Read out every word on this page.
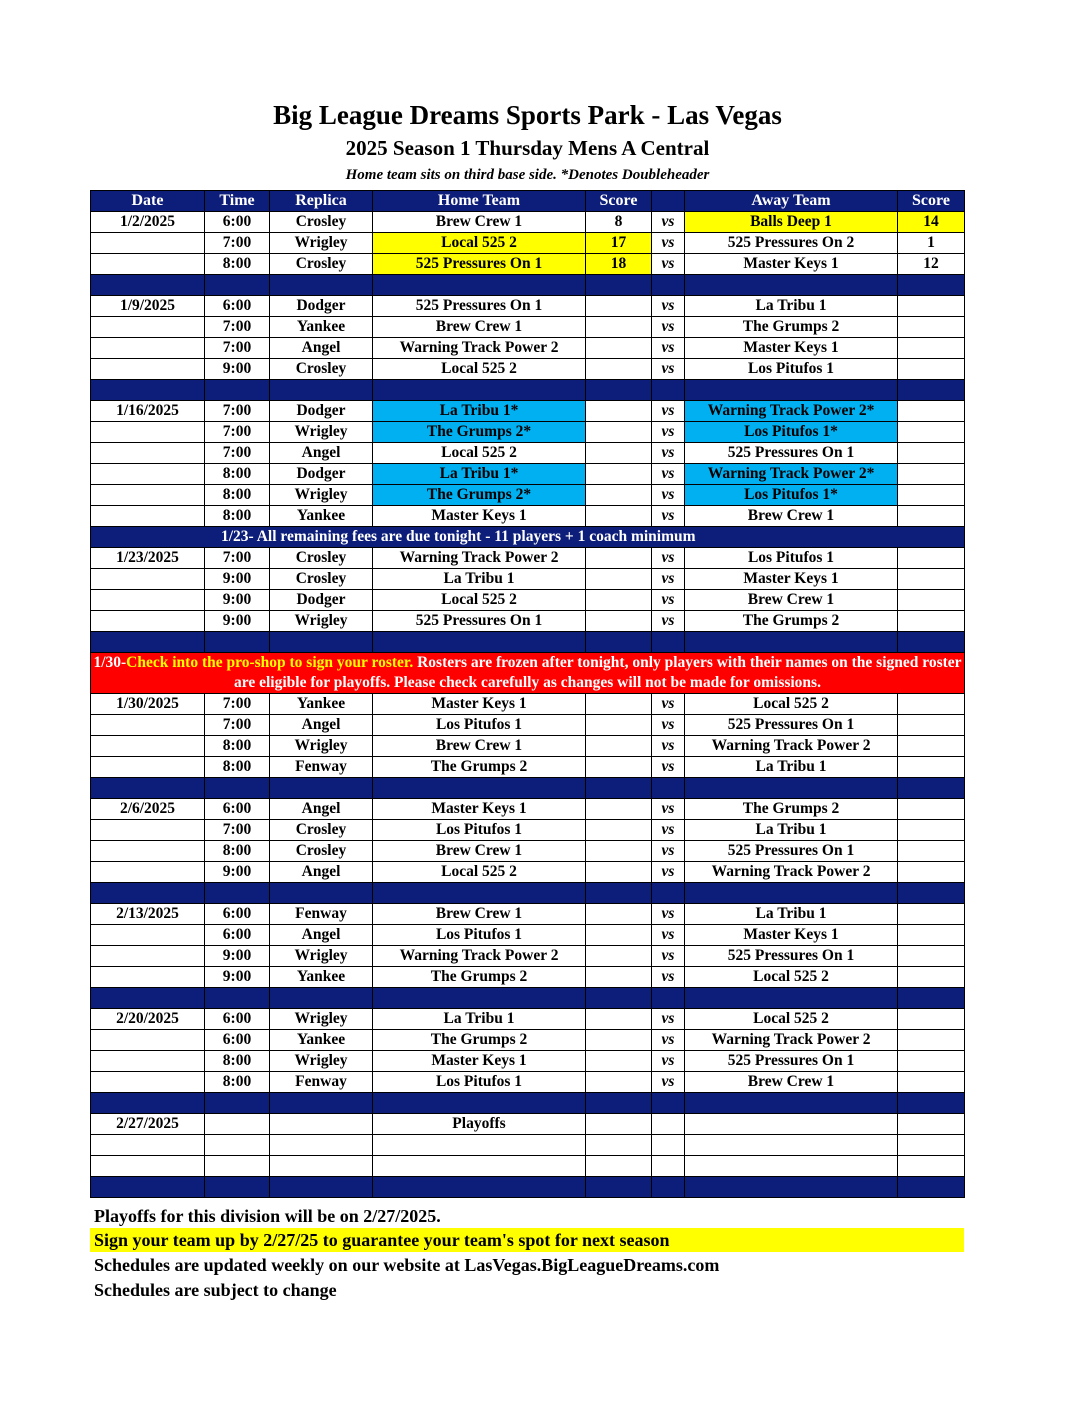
Big League Dreams Sports Park - Las Vegas
2025 Season 1 Thursday Mens A Central
Home team sits on third base side. *Denotes Doubleheader
Date	Time	Replica	Home Team	Score		Away Team	Score
1/2/2025	6:00	Crosley	Brew Crew 1	8	vs	Balls Deep 1	14
	7:00	Wrigley	Local 525 2	17	vs	525 Pressures On 2	1
	8:00	Crosley	525 Pressures On 1	18	vs	Master Keys 1	12

1/9/2025	6:00	Dodger	525 Pressures On 1		vs	La Tribu 1	
	7:00	Yankee	Brew Crew 1		vs	The Grumps 2	
	7:00	Angel	Warning Track Power 2		vs	Master Keys 1	
	9:00	Crosley	Local 525 2		vs	Los Pitufos 1	

1/16/2025	7:00	Dodger	La Tribu 1*		vs	Warning Track Power 2*	
	7:00	Wrigley	The Grumps 2*		vs	Los Pitufos 1*	
	7:00	Angel	Local 525 2		vs	525 Pressures On 1	
	8:00	Dodger	La Tribu 1*		vs	Warning Track Power 2*	
	8:00	Wrigley	The Grumps 2*		vs	Los Pitufos 1*	
	8:00	Yankee	Master Keys 1		vs	Brew Crew 1	
1/23- All remaining fees are due tonight - 11 players + 1 coach minimum							
1/23/2025	7:00	Crosley	Warning Track Power 2		vs	Los Pitufos 1	
	9:00	Crosley	La Tribu 1		vs	Master Keys 1	
	9:00	Dodger	Local 525 2		vs	Brew Crew 1	
	9:00	Wrigley	525 Pressures On 1		vs	The Grumps 2	

1/30-Check into the pro-shop to sign your roster. Rosters are frozen after tonight, only players with their names on the signed roster are eligible for playoffs. Please check carefully as changes will not be made for omissions.							
1/30/2025	7:00	Yankee	Master Keys 1		vs	Local 525 2	
	7:00	Angel	Los Pitufos 1		vs	525 Pressures On 1	
	8:00	Wrigley	Brew Crew 1		vs	Warning Track Power 2	
	8:00	Fenway	The Grumps 2		vs	La Tribu 1	

2/6/2025	6:00	Angel	Master Keys 1		vs	The Grumps 2	
	7:00	Crosley	Los Pitufos 1		vs	La Tribu 1	
	8:00	Crosley	Brew Crew 1		vs	525 Pressures On 1	
	9:00	Angel	Local 525 2		vs	Warning Track Power 2	

2/13/2025	6:00	Fenway	Brew Crew 1		vs	La Tribu 1	
	6:00	Angel	Los Pitufos 1		vs	Master Keys 1	
	9:00	Wrigley	Warning Track Power 2		vs	525 Pressures On 1	
	9:00	Yankee	The Grumps 2		vs	Local 525 2	

2/20/2025	6:00	Wrigley	La Tribu 1		vs	Local 525 2	
	6:00	Yankee	The Grumps 2		vs	Warning Track Power 2	
	8:00	Wrigley	Master Keys 1		vs	525 Pressures On 1	
	8:00	Fenway	Los Pitufos 1		vs	Brew Crew 1	

2/27/2025			Playoffs				

Playoffs for this division will be on 2/27/2025.
Sign your team up by 2/27/25 to guarantee your team's spot for next season
Schedules are updated weekly on our website at LasVegas.BigLeagueDreams.com
Schedules are subject to change
